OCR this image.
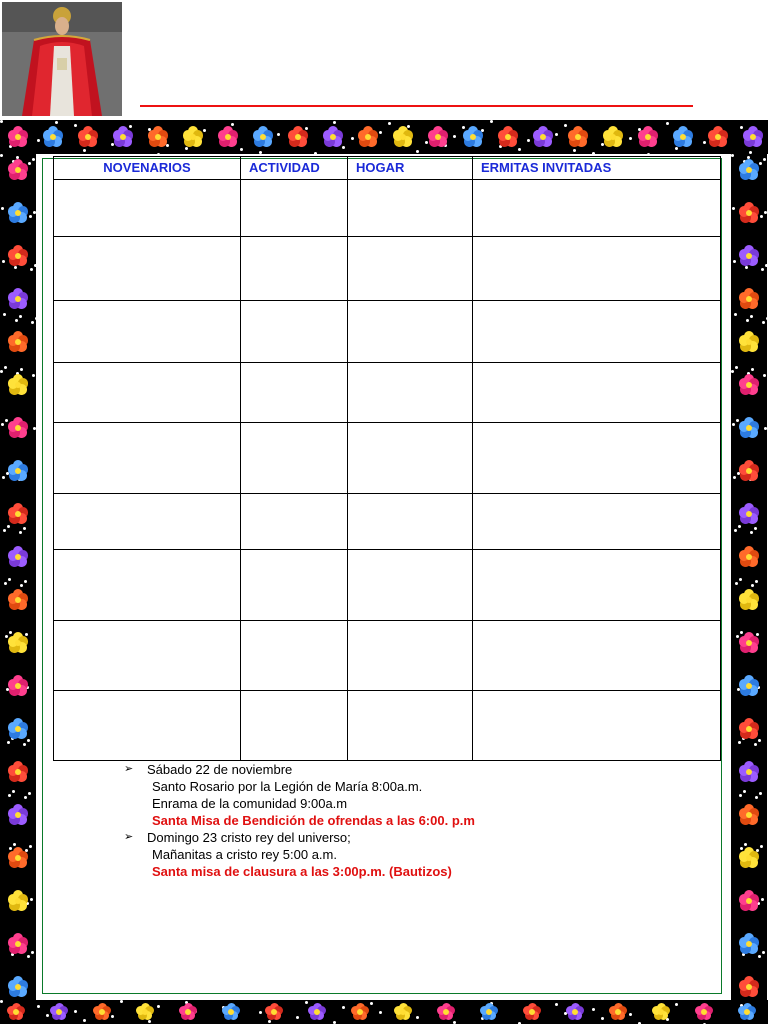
NOVENARIOS	ACTIVIDAD	HOGAR	ERMITAS INVITADAS

➢ Sábado 22 de noviembre
Santo Rosario por la Legión de María 8:00a.m.
Enrama de la comunidad 9:00a.m
Santa Misa de Bendición de ofrendas a las 6:00. p.m
➢ Domingo 23 cristo rey del universo;
Mañanitas a cristo rey 5:00 a.m.
Santa misa de clausura a las 3:00p.m. (Bautizos)
